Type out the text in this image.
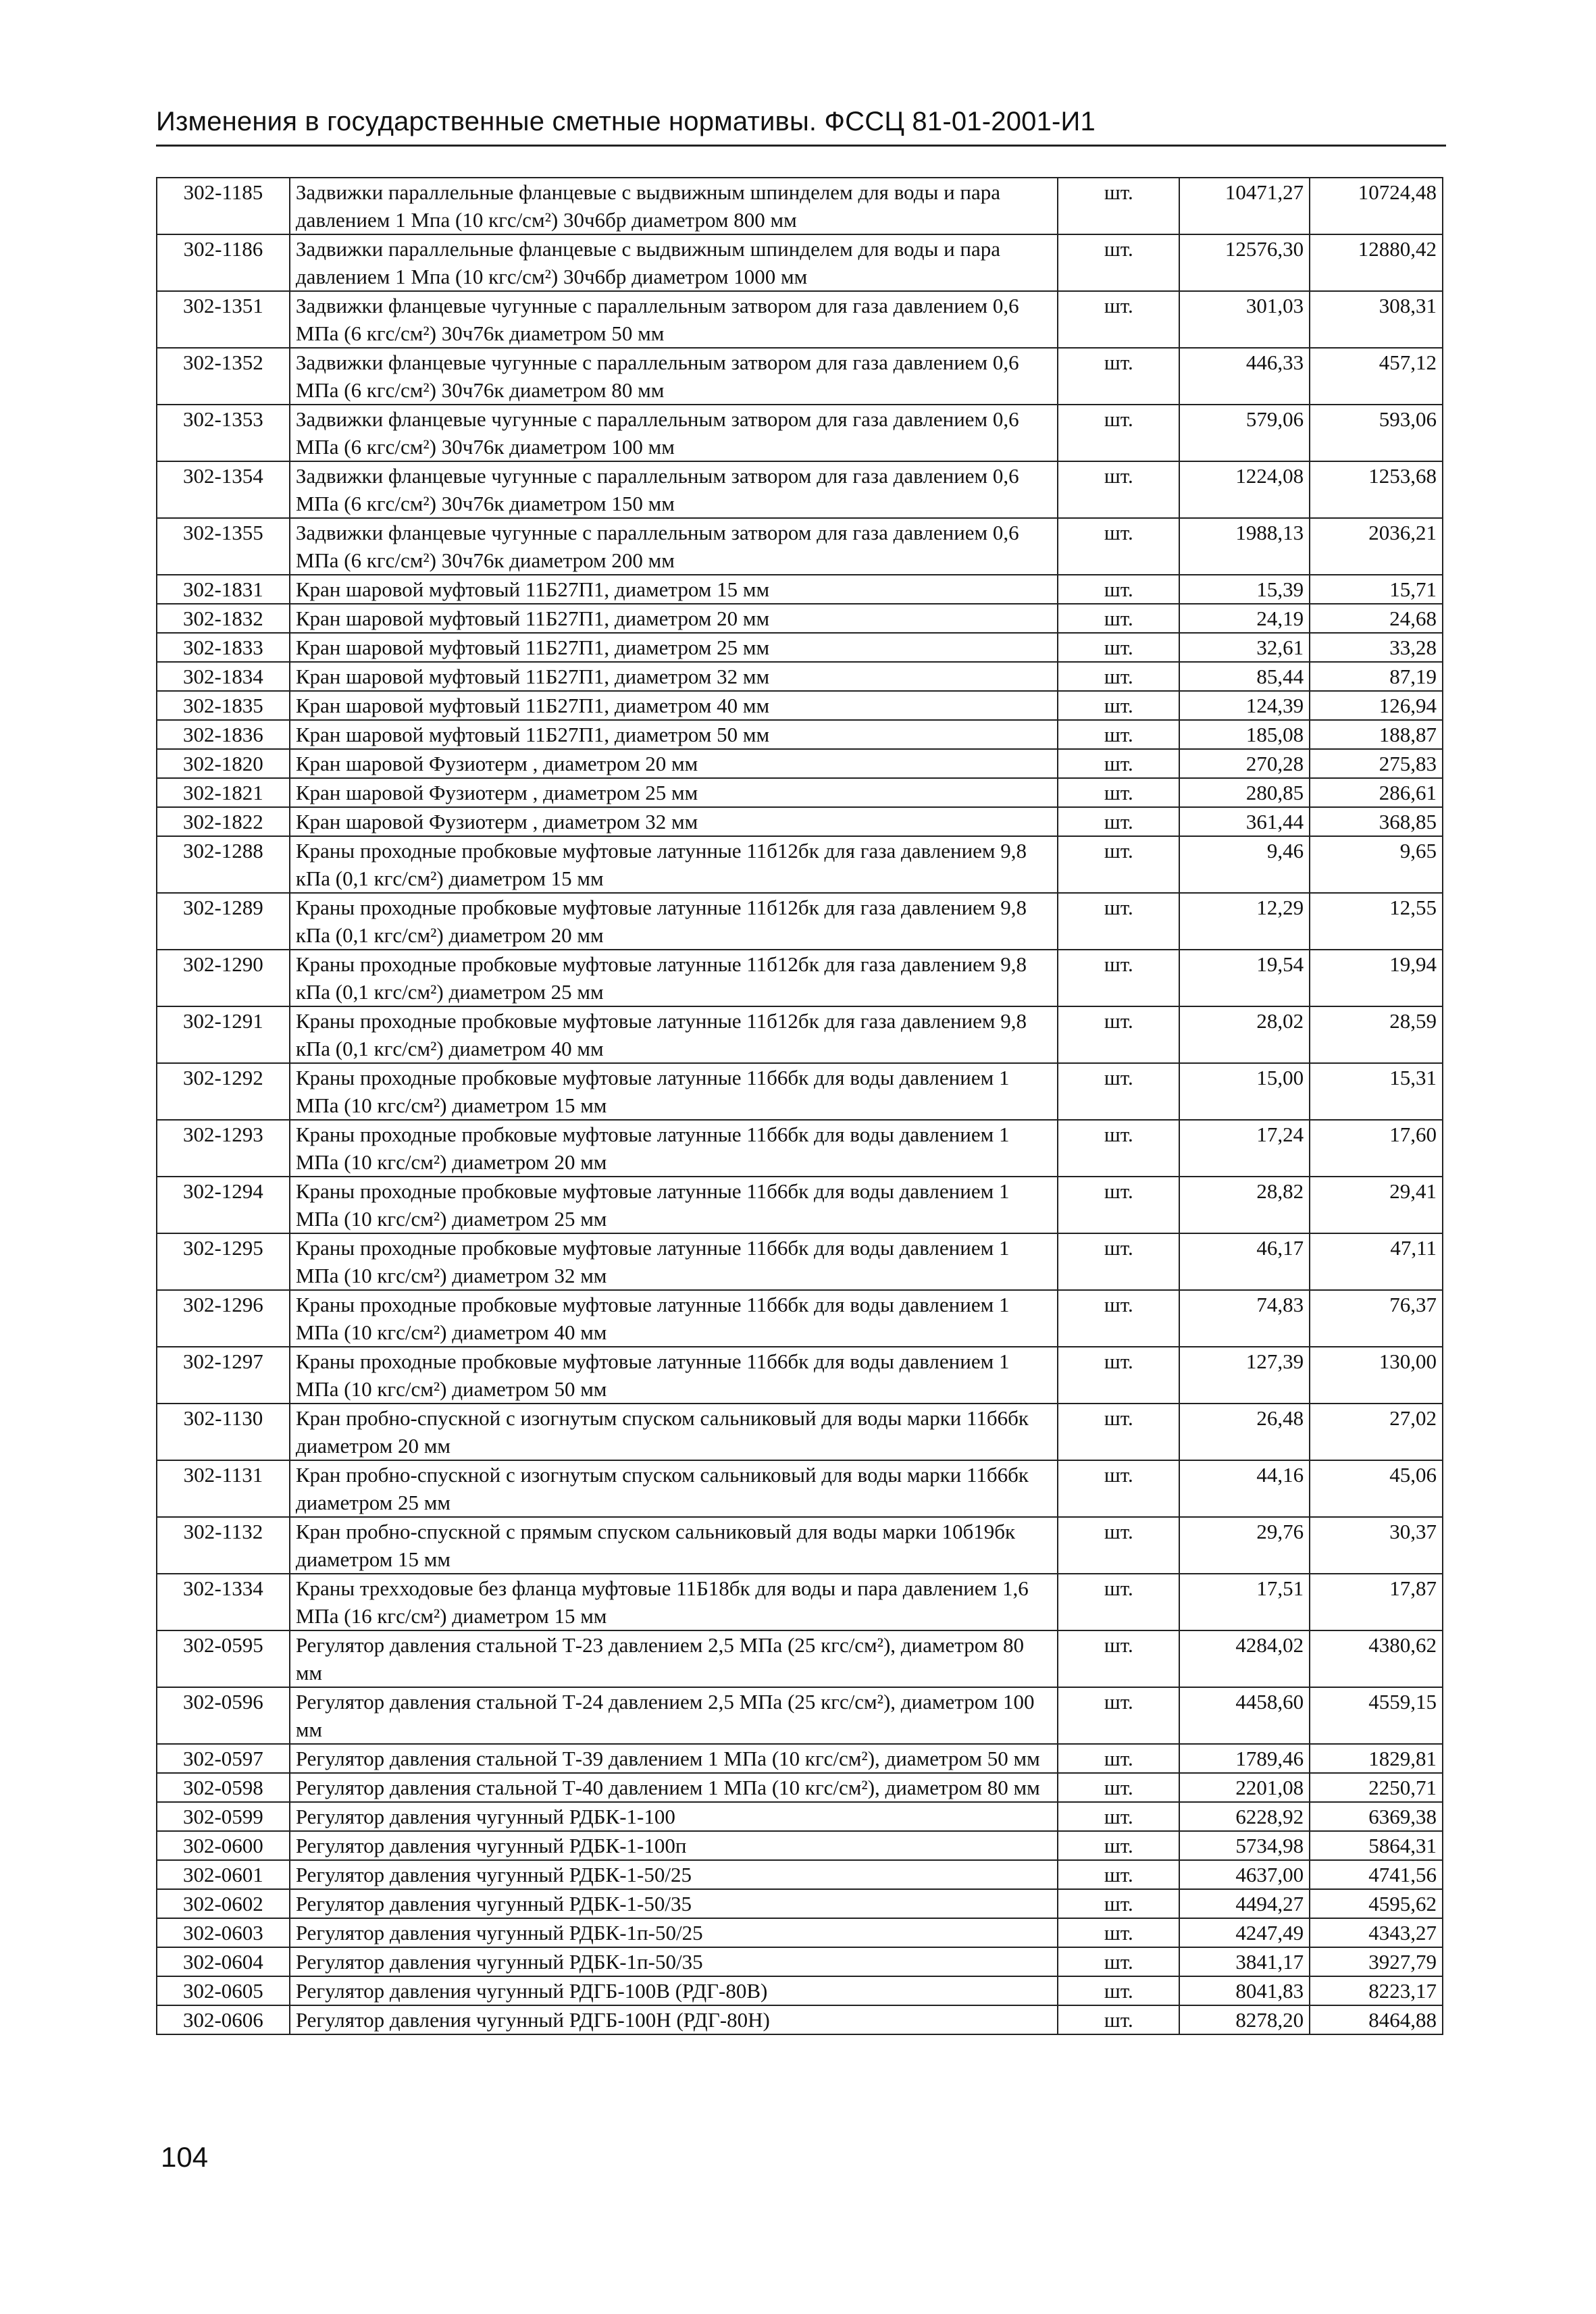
Изменения в государственные сметные нормативы. ФССЦ 81-01-2001-И1
302-1185	Задвижки параллельные фланцевые с выдвижным шпинделем для воды и пара давлением 1 Мпа (10 кгс/см²) 30ч6бр диаметром 800 мм	шт.	10471,27	10724,48
302-1186	Задвижки параллельные фланцевые с выдвижным шпинделем для воды и пара давлением 1 Мпа (10 кгс/см²) 30ч6бр диаметром 1000 мм	шт.	12576,30	12880,42
302-1351	Задвижки фланцевые чугунные с параллельным затвором для газа давлением 0,6 МПа (6 кгс/см²) 30ч76к диаметром 50 мм	шт.	301,03	308,31
302-1352	Задвижки фланцевые чугунные с параллельным затвором для газа давлением 0,6 МПа (6 кгс/см²) 30ч76к диаметром 80 мм	шт.	446,33	457,12
302-1353	Задвижки фланцевые чугунные с параллельным затвором для газа давлением 0,6 МПа (6 кгс/см²) 30ч76к диаметром 100 мм	шт.	579,06	593,06
302-1354	Задвижки фланцевые чугунные с параллельным затвором для газа давлением 0,6 МПа (6 кгс/см²) 30ч76к диаметром 150 мм	шт.	1224,08	1253,68
302-1355	Задвижки фланцевые чугунные с параллельным затвором для газа давлением 0,6 МПа (6 кгс/см²) 30ч76к диаметром 200 мм	шт.	1988,13	2036,21
302-1831	Кран шаровой муфтовый 11Б27П1, диаметром 15 мм	шт.	15,39	15,71
302-1832	Кран шаровой муфтовый 11Б27П1, диаметром 20 мм	шт.	24,19	24,68
302-1833	Кран шаровой муфтовый 11Б27П1, диаметром 25 мм	шт.	32,61	33,28
302-1834	Кран шаровой муфтовый 11Б27П1, диаметром 32 мм	шт.	85,44	87,19
302-1835	Кран шаровой муфтовый 11Б27П1, диаметром 40 мм	шт.	124,39	126,94
302-1836	Кран шаровой муфтовый 11Б27П1, диаметром 50 мм	шт.	185,08	188,87
302-1820	Кран шаровой Фузиотерм , диаметром 20 мм	шт.	270,28	275,83
302-1821	Кран шаровой Фузиотерм , диаметром 25 мм	шт.	280,85	286,61
302-1822	Кран шаровой Фузиотерм , диаметром 32 мм	шт.	361,44	368,85
302-1288	Краны проходные пробковые муфтовые латунные 11б12бк для газа давлением 9,8 кПа (0,1 кгс/см²) диаметром 15 мм	шт.	9,46	9,65
302-1289	Краны проходные пробковые муфтовые латунные 11б12бк для газа давлением 9,8 кПа (0,1 кгс/см²) диаметром 20 мм	шт.	12,29	12,55
302-1290	Краны проходные пробковые муфтовые латунные 11б12бк для газа давлением 9,8 кПа (0,1 кгс/см²) диаметром 25 мм	шт.	19,54	19,94
302-1291	Краны проходные пробковые муфтовые латунные 11б12бк для газа давлением 9,8 кПа (0,1 кгс/см²) диаметром 40 мм	шт.	28,02	28,59
302-1292	Краны проходные пробковые муфтовые латунные 11б6бк для воды давлением 1 МПа (10 кгс/см²) диаметром 15 мм	шт.	15,00	15,31
302-1293	Краны проходные пробковые муфтовые латунные 11б6бк для воды давлением 1 МПа (10 кгс/см²) диаметром 20 мм	шт.	17,24	17,60
302-1294	Краны проходные пробковые муфтовые латунные 11б6бк для воды давлением 1 МПа (10 кгс/см²) диаметром 25 мм	шт.	28,82	29,41
302-1295	Краны проходные пробковые муфтовые латунные 11б6бк для воды давлением 1 МПа (10 кгс/см²) диаметром 32 мм	шт.	46,17	47,11
302-1296	Краны проходные пробковые муфтовые латунные 11б6бк для воды давлением 1 МПа (10 кгс/см²) диаметром 40 мм	шт.	74,83	76,37
302-1297	Краны проходные пробковые муфтовые латунные 11б6бк для воды давлением 1 МПа (10 кгс/см²) диаметром 50 мм	шт.	127,39	130,00
302-1130	Кран пробно-спускной с изогнутым спуском сальниковый для воды марки 11б6бк диаметром 20 мм	шт.	26,48	27,02
302-1131	Кран пробно-спускной с изогнутым спуском сальниковый для воды марки 11б6бк диаметром 25 мм	шт.	44,16	45,06
302-1132	Кран пробно-спускной с прямым спуском сальниковый для воды марки 10б19бк диаметром 15 мм	шт.	29,76	30,37
302-1334	Краны трехходовые без фланца муфтовые 11Б18бк для воды и пара давлением 1,6 МПа (16 кгс/см²) диаметром 15 мм	шт.	17,51	17,87
302-0595	Регулятор давления стальной Т-23 давлением 2,5 МПа (25 кгс/см²), диаметром 80 мм	шт.	4284,02	4380,62
302-0596	Регулятор давления стальной Т-24 давлением 2,5 МПа (25 кгс/см²), диаметром 100 мм	шт.	4458,60	4559,15
302-0597	Регулятор давления стальной Т-39 давлением 1 МПа (10 кгс/см²), диаметром 50 мм	шт.	1789,46	1829,81
302-0598	Регулятор давления стальной Т-40 давлением 1 МПа (10 кгс/см²), диаметром 80 мм	шт.	2201,08	2250,71
302-0599	Регулятор давления чугунный РДБК-1-100	шт.	6228,92	6369,38
302-0600	Регулятор давления чугунный РДБК-1-100п	шт.	5734,98	5864,31
302-0601	Регулятор давления чугунный РДБК-1-50/25	шт.	4637,00	4741,56
302-0602	Регулятор давления чугунный РДБК-1-50/35	шт.	4494,27	4595,62
302-0603	Регулятор давления чугунный РДБК-1п-50/25	шт.	4247,49	4343,27
302-0604	Регулятор давления чугунный РДБК-1п-50/35	шт.	3841,17	3927,79
302-0605	Регулятор давления чугунный РДГБ-100В (РДГ-80В)	шт.	8041,83	8223,17
302-0606	Регулятор давления чугунный РДГБ-100Н (РДГ-80Н)	шт.	8278,20	8464,88
104
